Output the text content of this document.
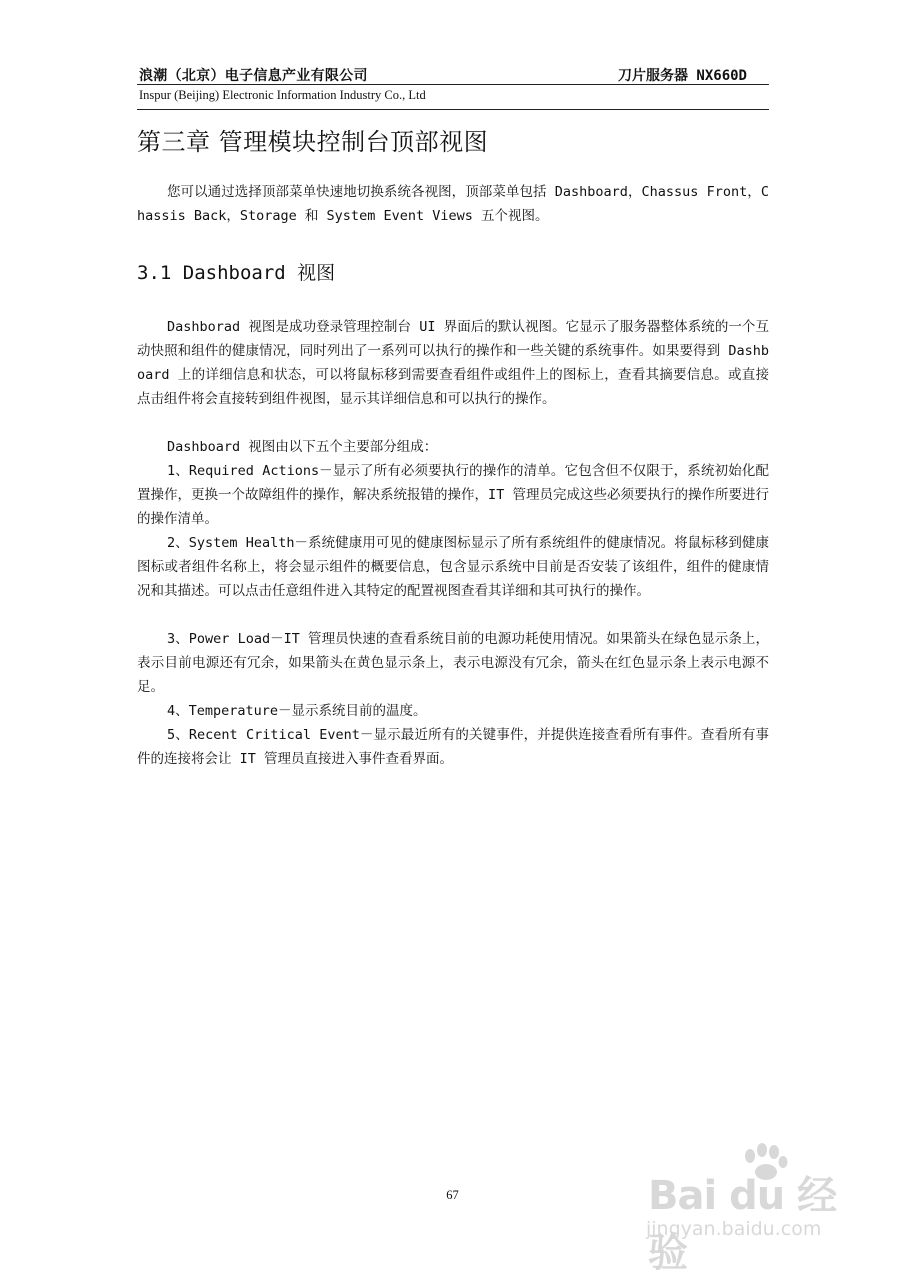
浪潮（北京）电子信息产业有限公司	刀片服务器 NX660D
Inspur (Beijing) Electronic Information Industry Co., Ltd
第三章 管理模块控制台顶部视图

您可以通过选择顶部菜单快速地切换系统各视图，顶部菜单包括 Dashboard，Chassus Front，Chassis Back，Storage 和 System Event Views 五个视图。

3.1 Dashboard 视图

Dashborad 视图是成功登录管理控制台 UI 界面后的默认视图。它显示了服务器整体系统的一个互动快照和组件的健康情况，同时列出了一系列可以执行的操作和一些关键的系统事件。如果要得到 Dashboard 上的详细信息和状态，可以将鼠标移到需要查看组件或组件上的图标上，查看其摘要信息。或直接点击组件将会直接转到组件视图，显示其详细信息和可以执行的操作。

Dashboard 视图由以下五个主要部分组成：

1、Required Actions－显示了所有必须要执行的操作的清单。它包含但不仅限于，系统初始化配置操作，更换一个故障组件的操作，解决系统报错的操作，IT 管理员完成这些必须要执行的操作所要进行的操作清单。

2、System Health－系统健康用可见的健康图标显示了所有系统组件的健康情况。将鼠标移到健康图标或者组件名称上，将会显示组件的概要信息，包含显示系统中目前是否安装了该组件，组件的健康情况和其描述。可以点击任意组件进入其特定的配置视图查看其详细和其可执行的操作。

3、Power Load－IT 管理员快速的查看系统目前的电源功耗使用情况。如果箭头在绿色显示条上，表示目前电源还有冗余，如果箭头在黄色显示条上，表示电源没有冗余，箭头在红色显示条上表示电源不足。

4、Temperature－显示系统目前的温度。

5、Recent Critical Event－显示最近所有的关键事件，并提供连接查看所有事件。查看所有事件的连接将会让 IT 管理员直接进入事件查看界面。

67	Bai du 经验
jingyan.baidu.com
